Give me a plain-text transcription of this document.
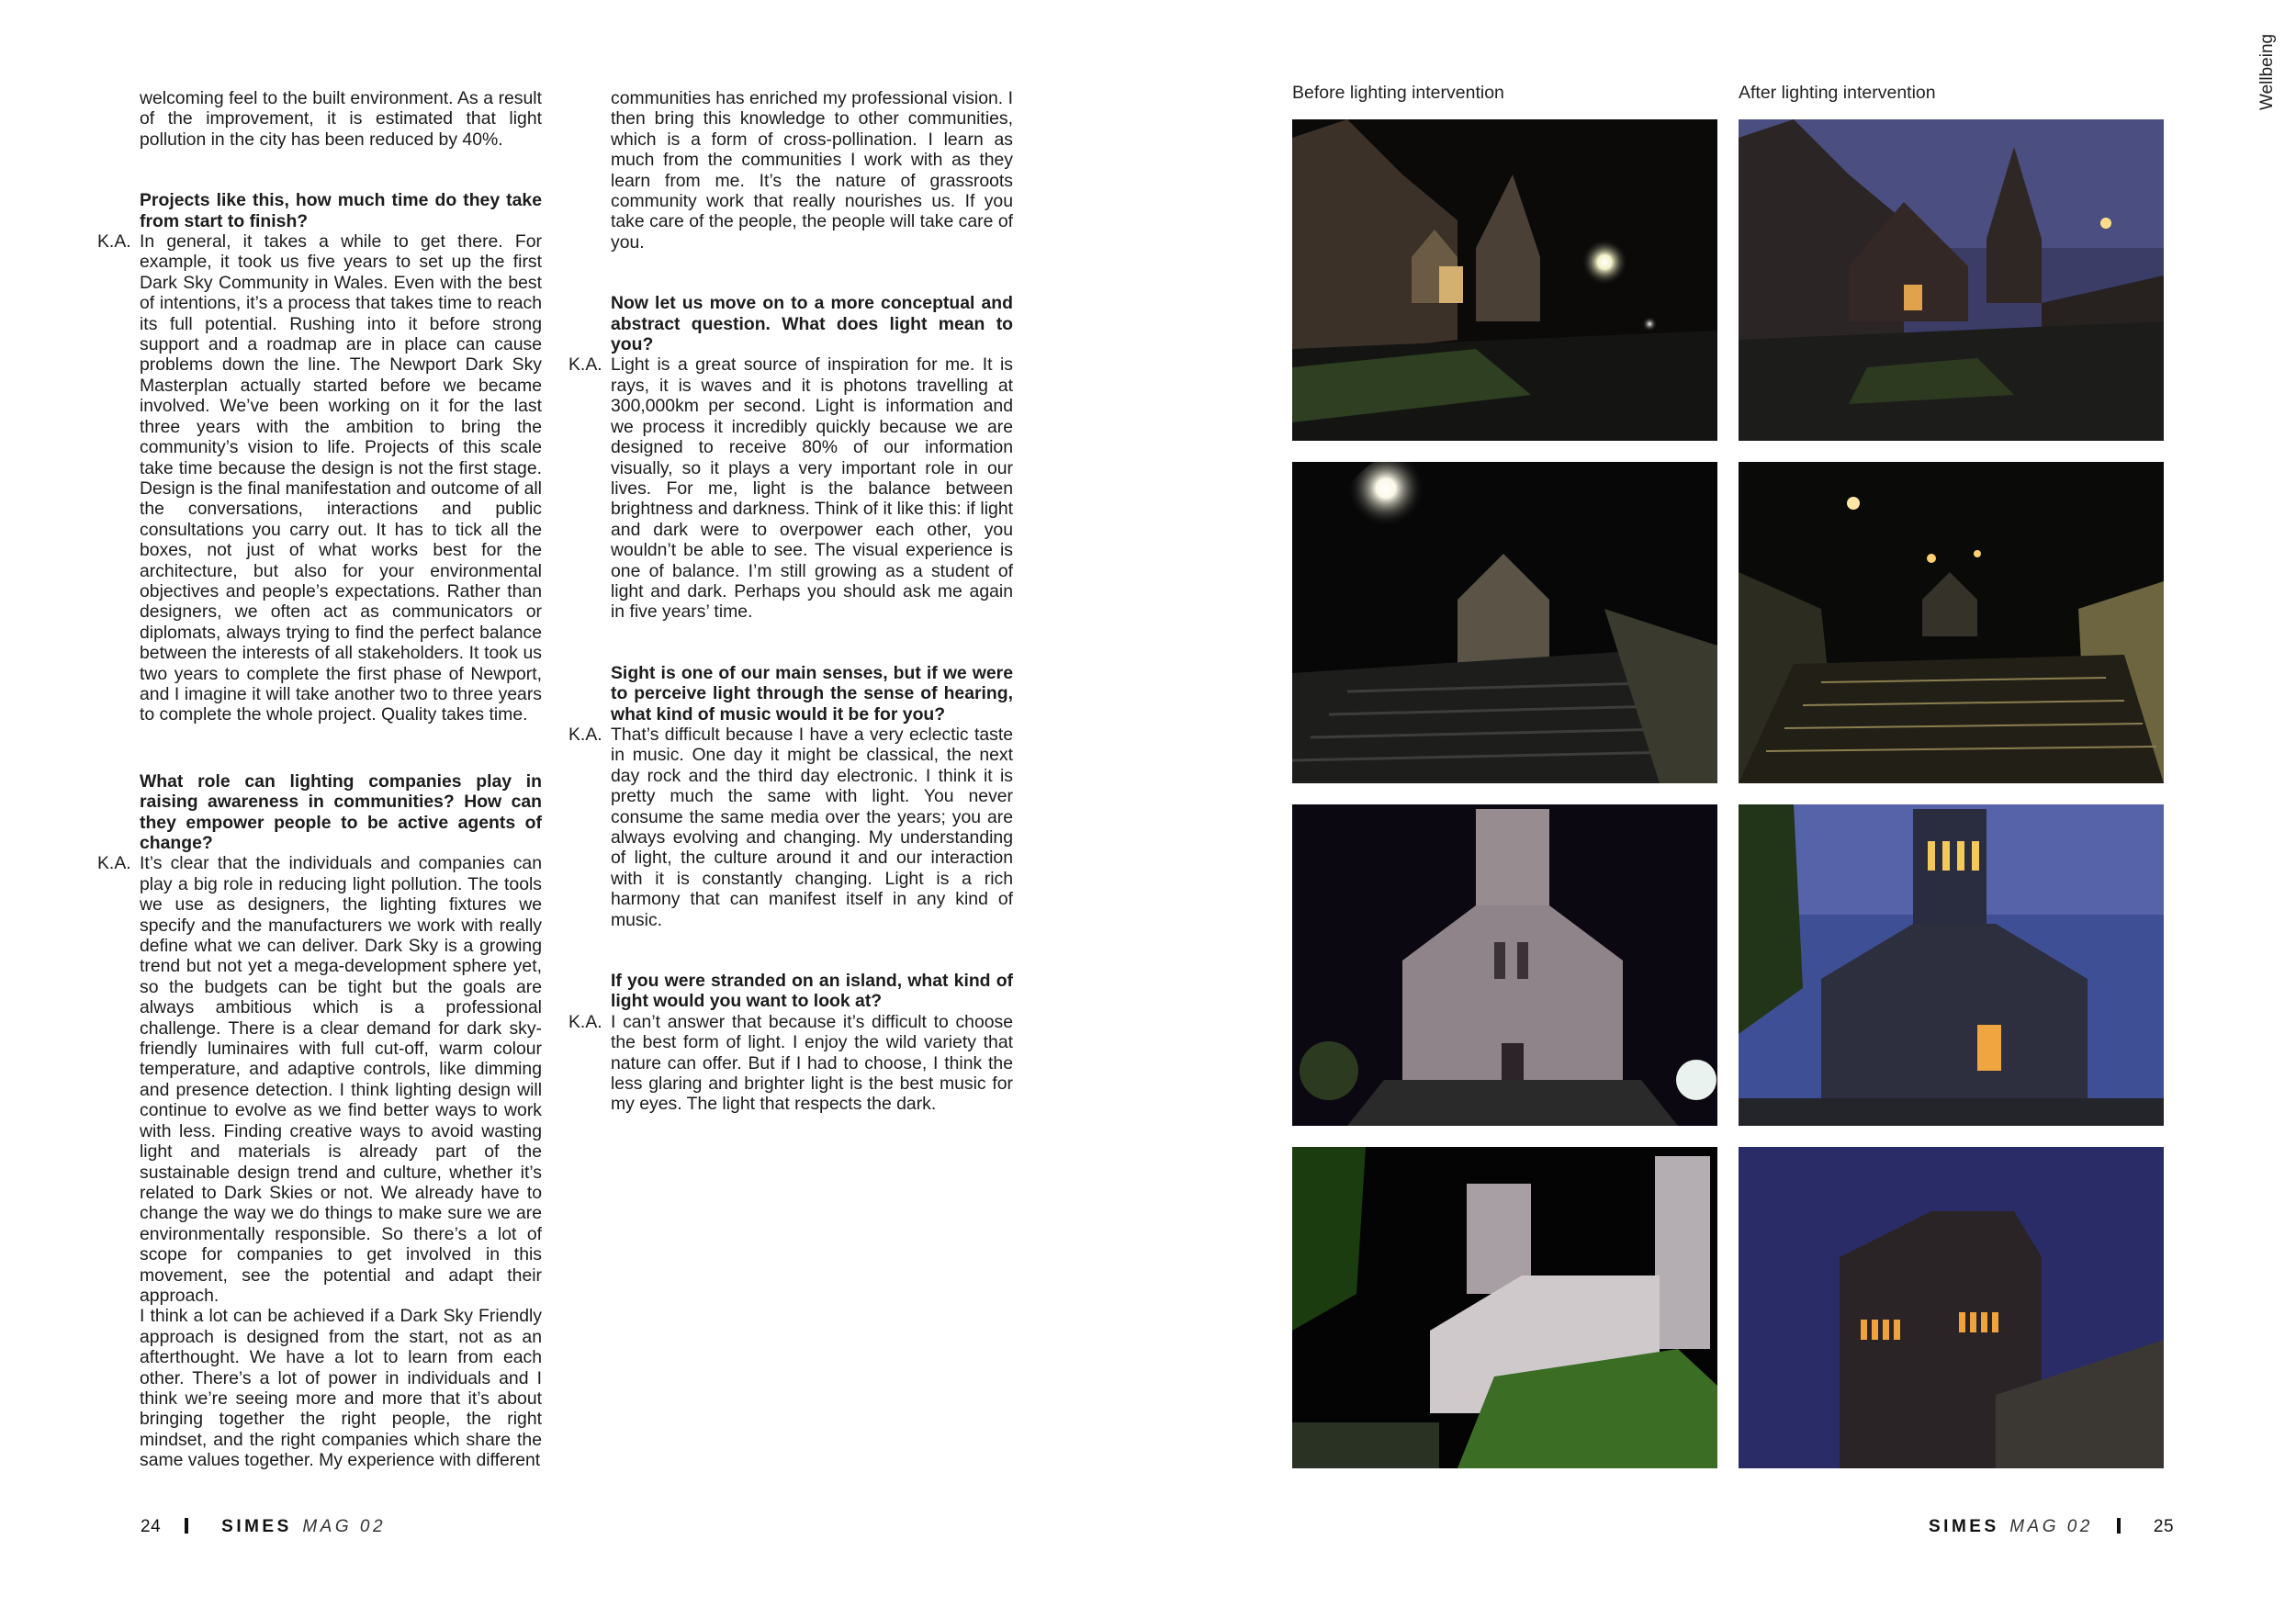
welcoming feel to the built environment. As a result of the improvement, it is estimated that light pollution in the city has been reduced by 40%.

Projects like this, how much time do they take from start to finish?

K.A. In general, it takes a while to get there. For example, it took us five years to set up the first Dark Sky Community in Wales. Even with the best of intentions, it’s a process that takes time to reach its full potential. Rushing into it before strong support and a roadmap are in place can cause problems down the line. The Newport Dark Sky Masterplan actually started before we became involved. We’ve been working on it for the last three years with the ambition to bring the community’s vision to life. Projects of this scale take time because the design is not the first stage. Design is the final manifestation and outcome of all the conversations, interactions and public consultations you carry out. It has to tick all the boxes, not just of what works best for the architecture, but also for your environmental objectives and people’s expectations. Rather than designers, we often act as communicators or diplomats, always trying to find the perfect balance between the interests of all stakeholders. It took us two years to complete the first phase of Newport, and I imagine it will take another two to three years to complete the whole project. Quality takes time.

What role can lighting companies play in raising awareness in communities? How can they empower people to be active agents of change?

K.A. It’s clear that the individuals and companies can play a big role in reducing light pollution. The tools we use as designers, the lighting fixtures we specify and the manufacturers we work with really define what we can deliver. Dark Sky is a growing trend but not yet a mega-development sphere yet, so the budgets can be tight but the goals are always ambitious which is a professional challenge. There is a clear demand for dark sky-friendly luminaires with full cut-off, warm colour temperature, and adaptive controls, like dimming and presence detection. I think lighting design will continue to evolve as we find better ways to work with less. Finding creative ways to avoid wasting light and materials is already part of the sustainable design trend and culture, whether it’s related to Dark Skies or not. We already have to change the way we do things to make sure we are environmentally responsible. So there’s a lot of scope for companies to get involved in this movement, see the potential and adapt their approach.

I think a lot can be achieved if a Dark Sky Friendly approach is designed from the start, not as an afterthought. We have a lot to learn from each other. There’s a lot of power in individuals and I think we’re seeing more and more that it’s about bringing together the right people, the right mindset, and the right companies which share the same values together. My experience with different

communities has enriched my professional vision. I then bring this knowledge to other communities, which is a form of cross-pollination. I learn as much from the communities I work with as they learn from me. It’s the nature of grassroots community work that really nourishes us. If you take care of the people, the people will take care of you.

Now let us move on to a more conceptual and abstract question. What does light mean to you?

K.A. Light is a great source of inspiration for me. It is rays, it is waves and it is photons travelling at 300,000km per second. Light is information and we process it incredibly quickly because we are designed to receive 80% of our information visually, so it plays a very important role in our lives. For me, light is the balance between brightness and darkness. Think of it like this: if light and dark were to overpower each other, you wouldn’t be able to see. The visual experience is one of balance. I’m still growing as a student of light and dark. Perhaps you should ask me again in five years’ time.

Sight is one of our main senses, but if we were to perceive light through the sense of hearing, what kind of music would it be for you?

K.A. That’s difficult because I have a very eclectic taste in music. One day it might be classical, the next day rock and the third day electronic. I think it is pretty much the same with light. You never consume the same media over the years; you are always evolving and changing. My understanding of light, the culture around it and our interaction with it is constantly changing. Light is a rich harmony that can manifest itself in any kind of music.

If you were stranded on an island, what kind of light would you want to look at?

K.A. I can’t answer that because it’s difficult to choose the best form of light. I enjoy the wild variety that nature can offer. But if I had to choose, I think the less glaring and brighter light is the best music for my eyes. The light that respects the dark.
Wellbeing
Before lighting intervention	After lighting intervention
24	SIMES MAG 02	SIMES MAG 02	25
